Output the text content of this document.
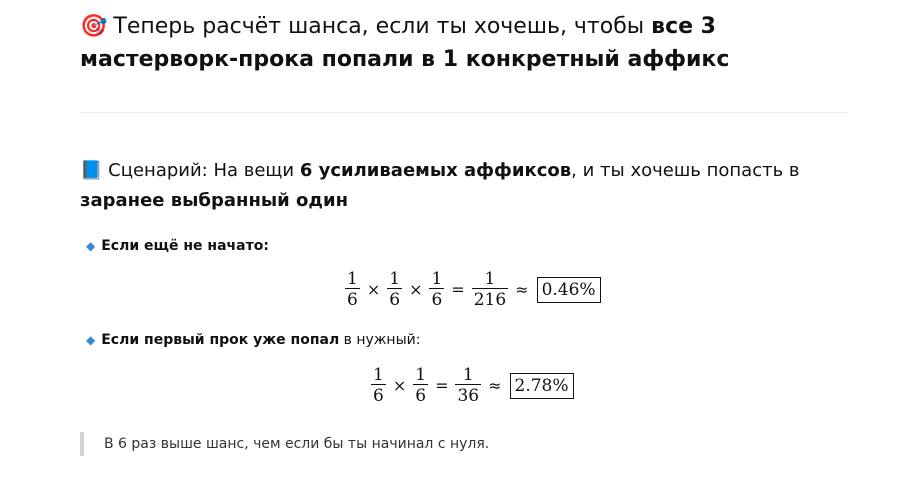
🎯 Теперь расчёт шанса, если ты хочешь, чтобы все 3 мастерворк-прока попали в 1 конкретный аффикс
📘 Сценарий: На вещи 6 усиливаемых аффиксов, и ты хочешь попасть в заранее выбранный один
◆ Если ещё не начато:
$\frac{1}{6} \times \frac{1}{6} \times \frac{1}{6} = \frac{1}{216} \approx 0.46\%$
◆ Если первый прок уже попал в нужный:
$\frac{1}{6} \times \frac{1}{6} = \frac{1}{36} \approx 2.78\%$
В 6 раз выше шанс, чем если бы ты начинал с нуля.
